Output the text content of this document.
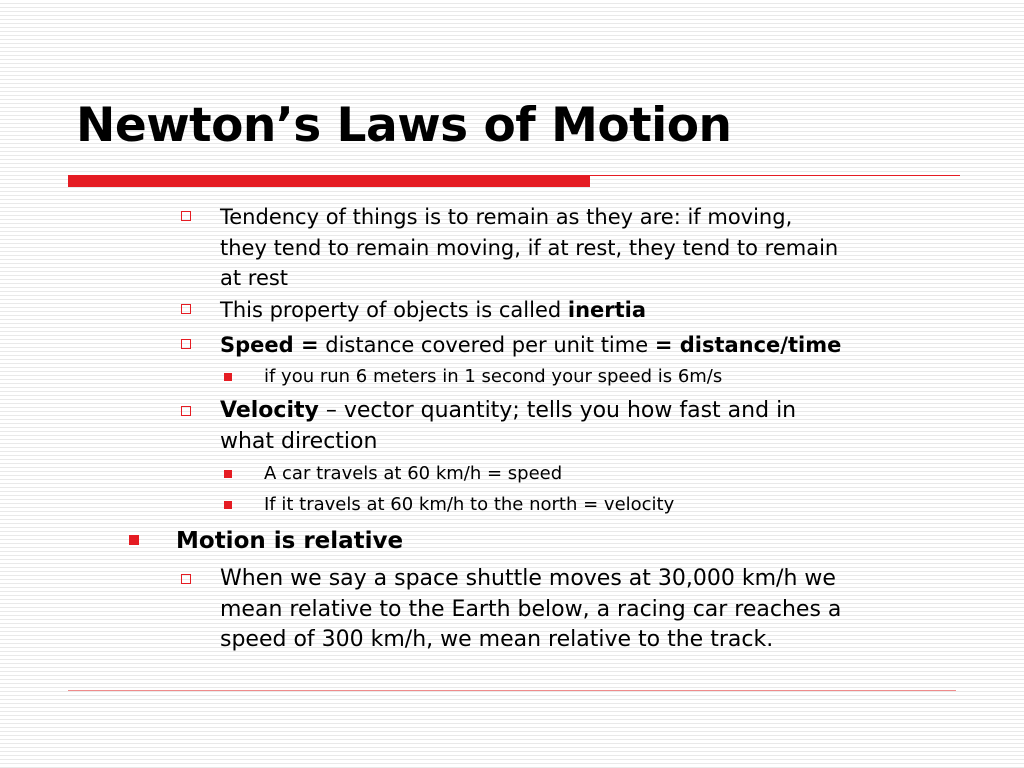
Newton’s Laws of Motion
Tendency of things is to remain as they are: if moving,
they tend to remain moving, if at rest, they tend to remain
at rest
This property of objects is called inertia
Speed = distance covered per unit time = distance/time
if you run 6 meters in 1 second your speed is 6m/s
Velocity – vector quantity; tells you how fast and in
what direction
A car travels at 60 km/h = speed
If it travels at 60 km/h to the north = velocity
Motion is relative
When we say a space shuttle moves at 30,000 km/h we
mean relative to the Earth below, a racing car reaches a
speed of 300 km/h, we mean relative to the track.
